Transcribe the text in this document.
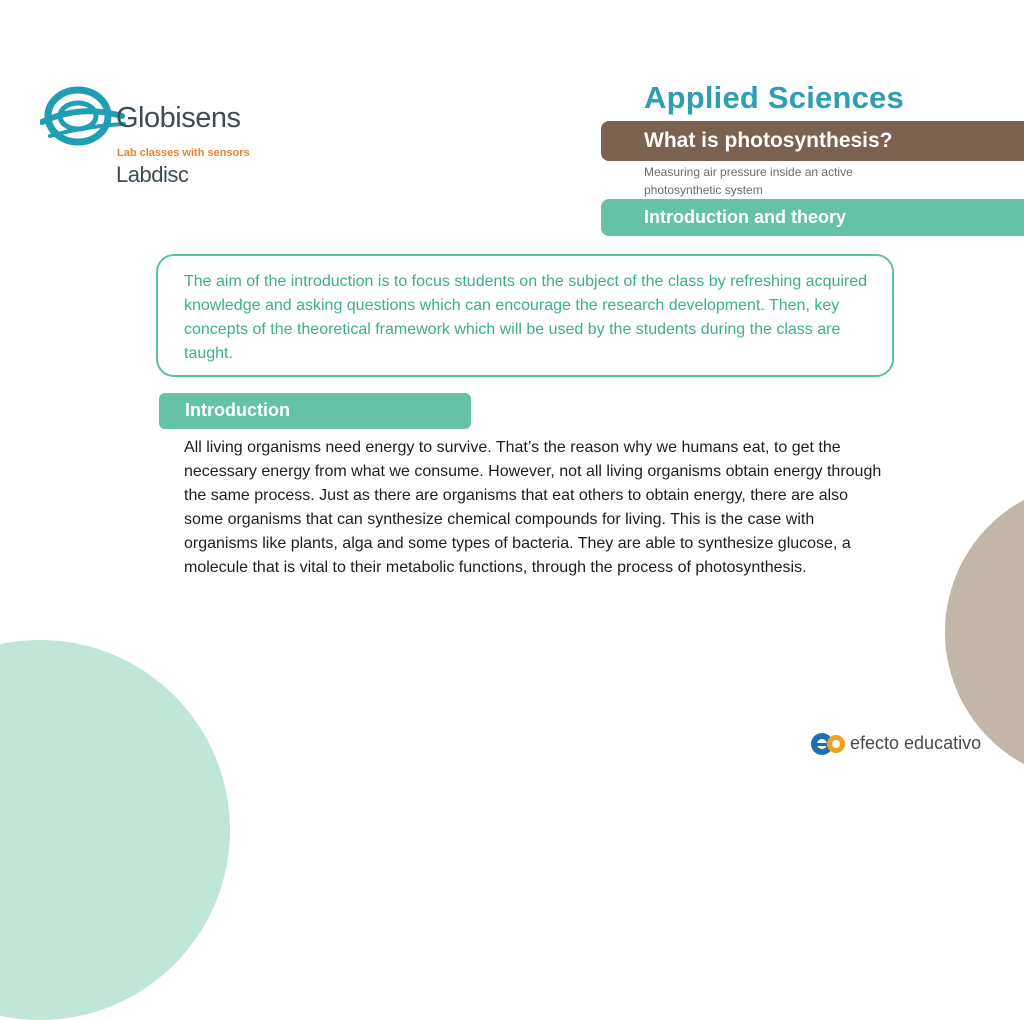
Globisens
Lab classes with sensors
Labdisc
Applied Sciences
What is photosynthesis?
Measuring air pressure inside an active photosynthetic system
Introduction and theory

The aim of the introduction is to focus students on the subject of the class by refreshing acquired knowledge and asking questions which can encourage the research development. Then, key concepts of the theoretical framework which will be used by the students during the class are taught.

Introduction

All living organisms need energy to survive. That’s the reason why we humans eat, to get the necessary energy from what we consume. However, not all living organisms obtain energy through the same process. Just as there are organisms that eat others to obtain energy, there are also some organisms that can synthesize chemical compounds for living. This is the case with organisms like plants, alga and some types of bacteria. They are able to synthesize glucose, a molecule that is vital to their metabolic functions, through the process of photosynthesis.

efecto educativo
